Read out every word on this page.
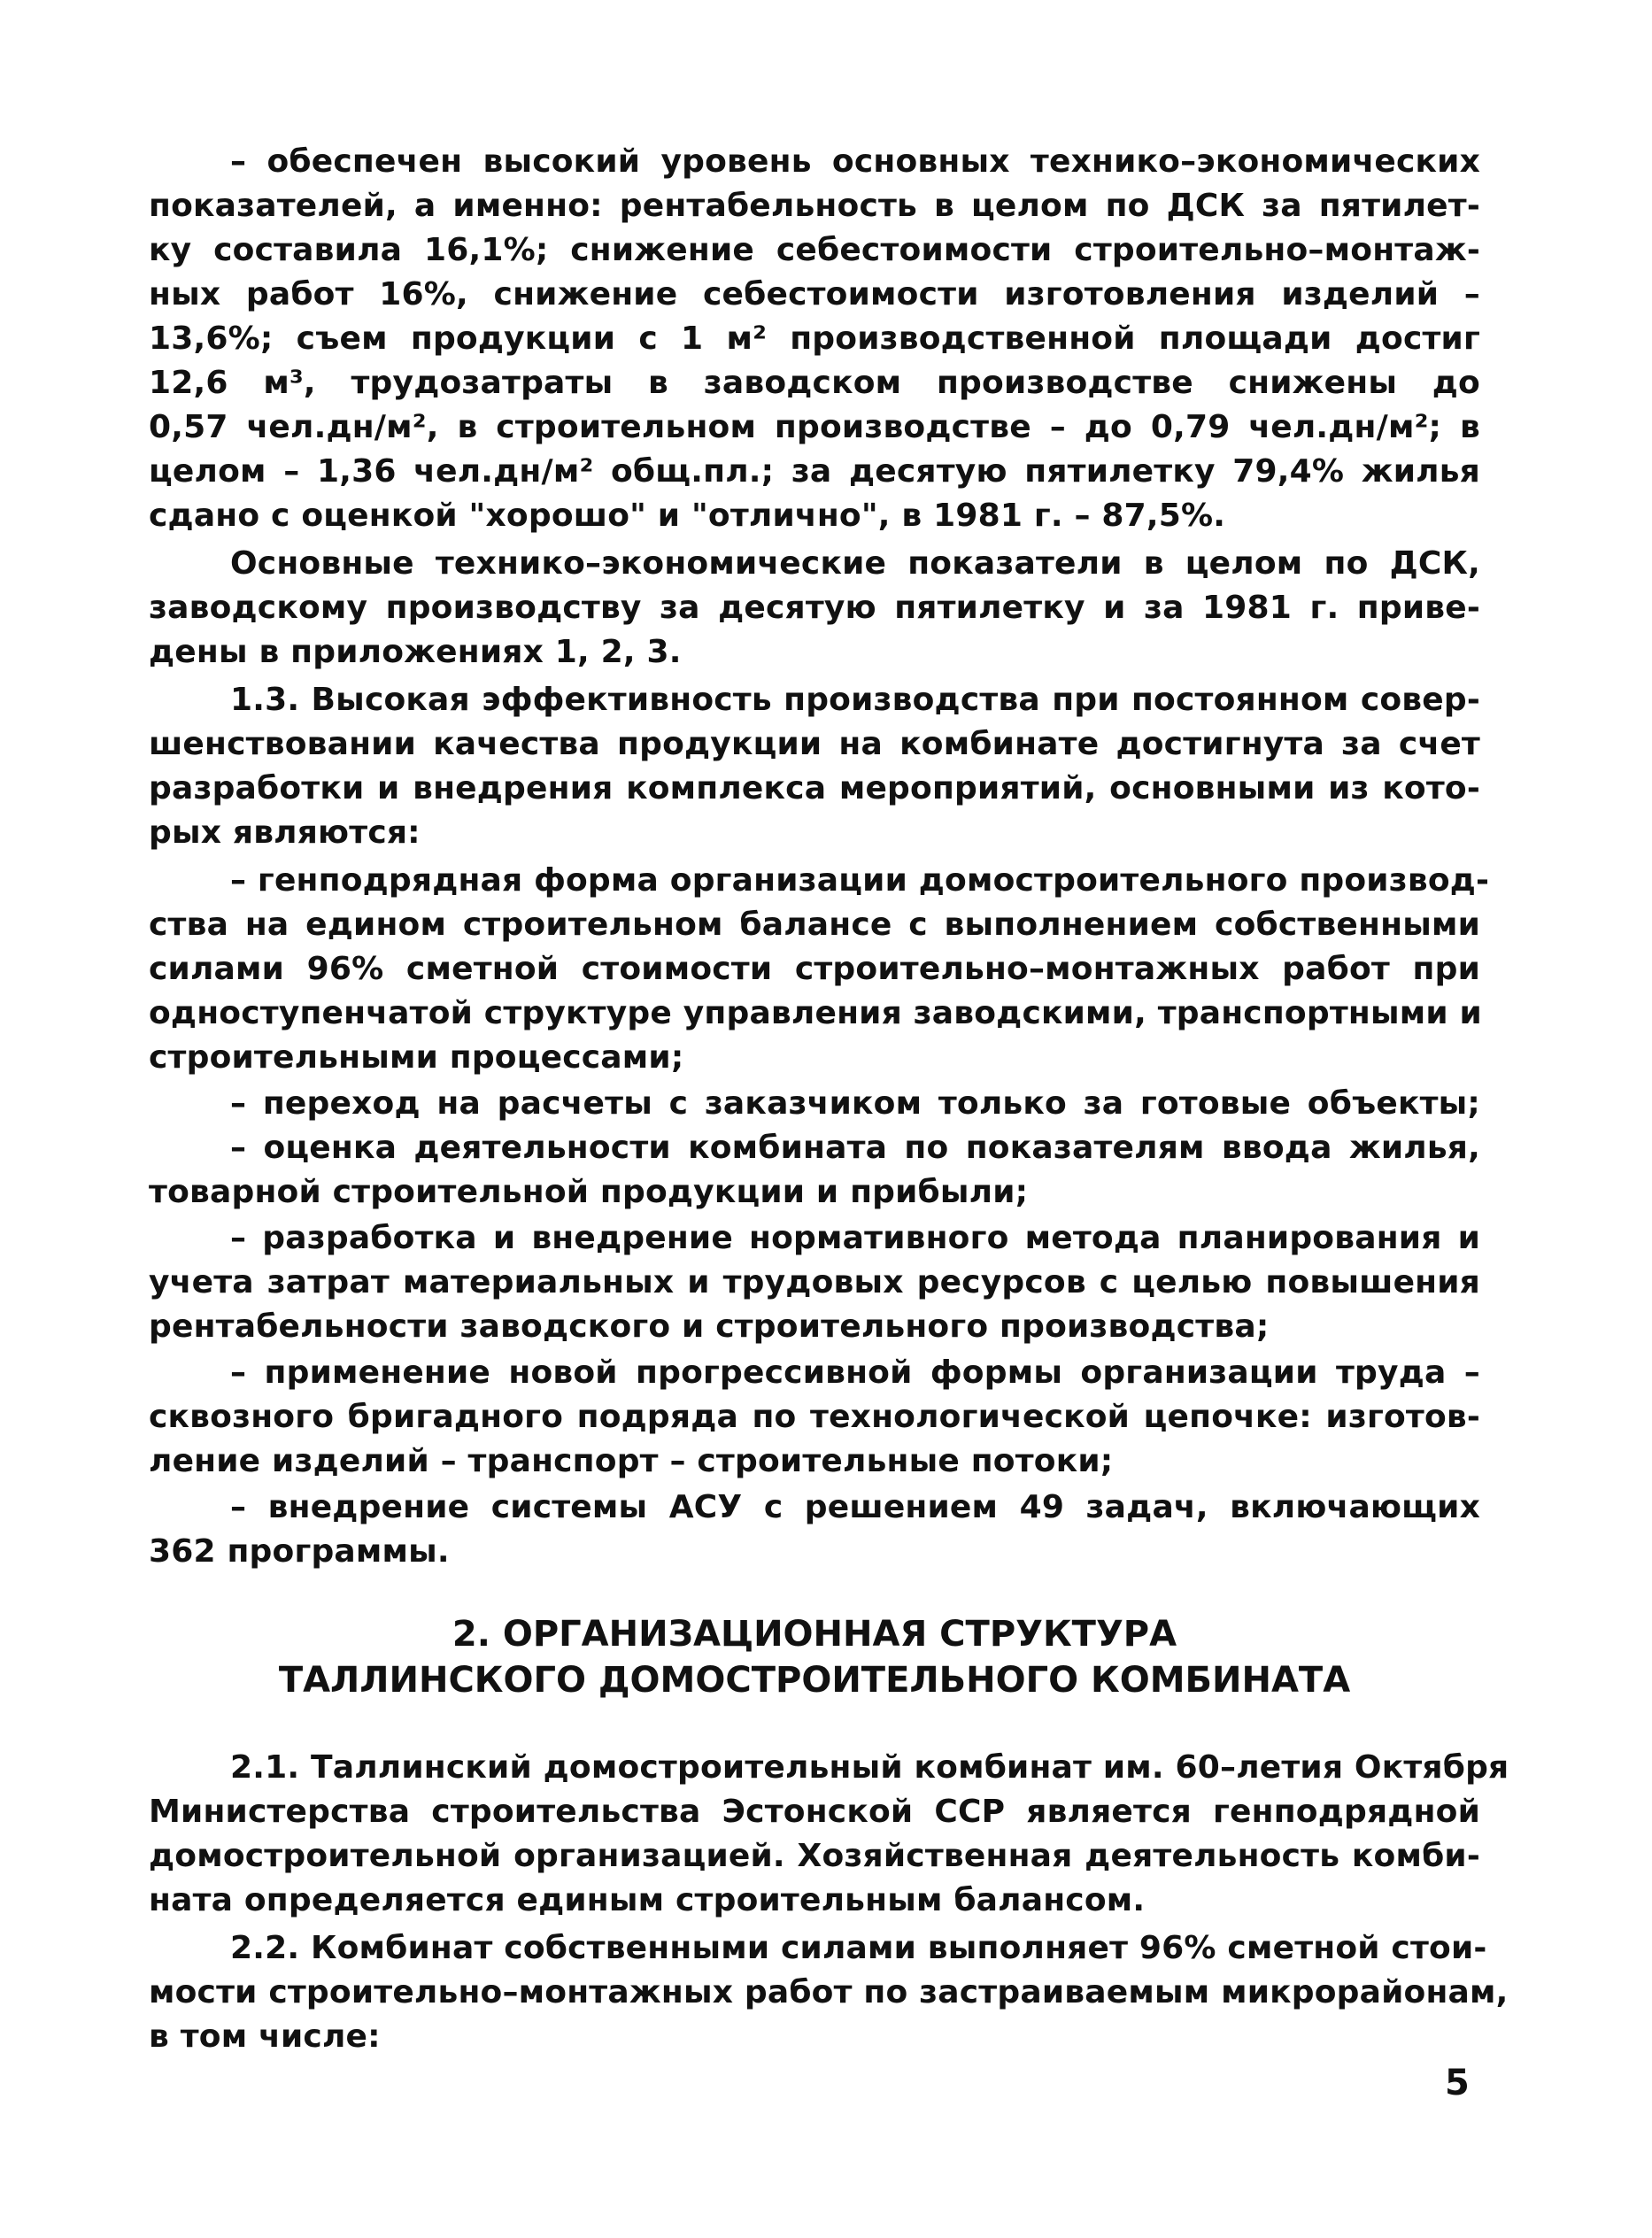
– обеспечен высокий уровень основных технико–экономических
показателей, а именно: рентабельность в целом по ДСК за пятилет-
ку составила 16,1%; снижение себестоимости строительно–монтаж-
ных работ 16%, снижение себестоимости изготовления изделий –
13,6%; съем продукции с 1 м² производственной площади достиг
12,6 м³, трудозатраты в заводском производстве снижены до
0,57 чел.дн/м², в строительном производстве – до 0,79 чел.дн/м²; в
целом – 1,36 чел.дн/м² общ.пл.; за десятую пятилетку 79,4% жилья
сдано с оценкой "хорошо" и "отлично", в 1981 г. – 87,5%.
Основные технико–экономические показатели в целом по ДСК,
заводскому производству за десятую пятилетку и за 1981 г. приве-
дены в приложениях 1, 2, 3.
1.3. Высокая эффективность производства при постоянном совер-
шенствовании качества продукции на комбинате достигнута за счет
разработки и внедрения комплекса мероприятий, основными из кото-
рых являются:
– генподрядная форма организации домостроительного производ-
ства на едином строительном балансе с выполнением собственными
силами 96% сметной стоимости строительно–монтажных работ при
одноступенчатой структуре управления заводскими, транспортными и
строительными процессами;
– переход на расчеты с заказчиком только за готовые объекты;
– оценка деятельности комбината по показателям ввода жилья,
товарной строительной продукции и прибыли;
– разработка и внедрение нормативного метода планирования и
учета затрат материальных и трудовых ресурсов с целью повышения
рентабельности заводского и строительного производства;
– применение новой прогрессивной формы организации труда –
сквозного бригадного подряда по технологической цепочке: изготов-
ление изделий – транспорт – строительные потоки;
– внедрение системы АСУ с решением 49 задач, включающих
362 программы.
2. ОРГАНИЗАЦИОННАЯ СТРУКТУРА
ТАЛЛИНСКОГО ДОМОСТРОИТЕЛЬНОГО КОМБИНАТА
2.1. Таллинский домостроительный комбинат им. 60–летия Октября
Министерства строительства Эстонской ССР является генподрядной
домостроительной организацией. Хозяйственная деятельность комби-
ната определяется единым строительным балансом.
2.2. Комбинат собственными силами выполняет 96% сметной стои-
мости строительно–монтажных работ по застраиваемым микрорайонам,
в том числе:
5
